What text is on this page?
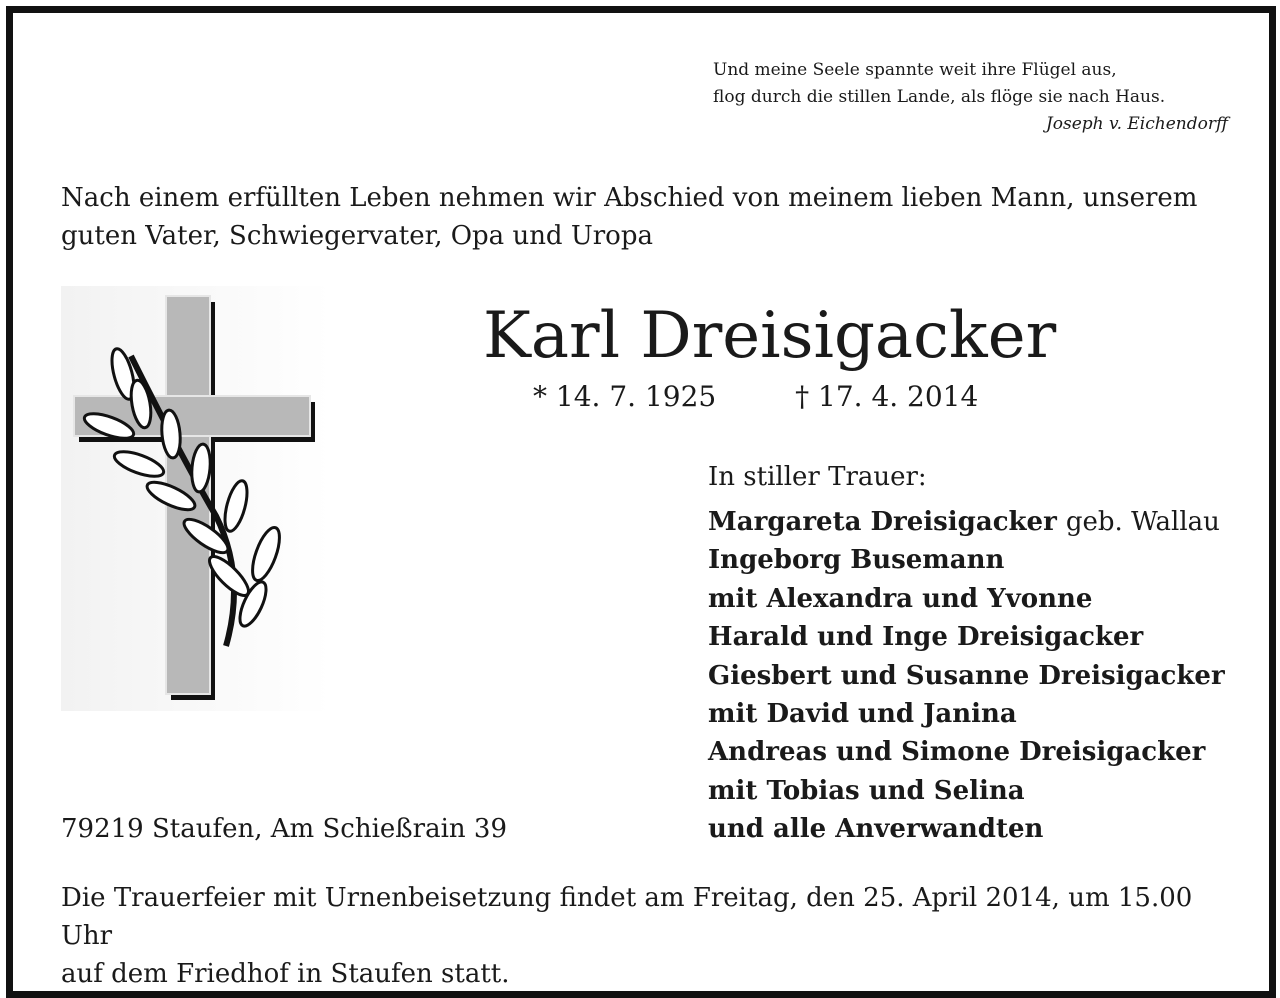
Und meine Seele spannte weit ihre Flügel aus,
flog durch die stillen Lande, als flöge sie nach Haus.
Joseph v. Eichendorff
Nach einem erfüllten Leben nehmen wir Abschied von meinem lieben Mann, unserem
guten Vater, Schwiegervater, Opa und Uropa
Karl Dreisigacker
* 14. 7. 1925	† 17. 4. 2014
In stiller Trauer:
Margareta Dreisigacker geb. Wallau
Ingeborg Busemann
mit Alexandra und Yvonne
Harald und Inge Dreisigacker
Giesbert und Susanne Dreisigacker
mit David und Janina
Andreas und Simone Dreisigacker
mit Tobias und Selina
und alle Anverwandten
79219 Staufen, Am Schießrain 39
Die Trauerfeier mit Urnenbeisetzung findet am Freitag, den 25. April 2014, um 15.00 Uhr
auf dem Friedhof in Staufen statt.
